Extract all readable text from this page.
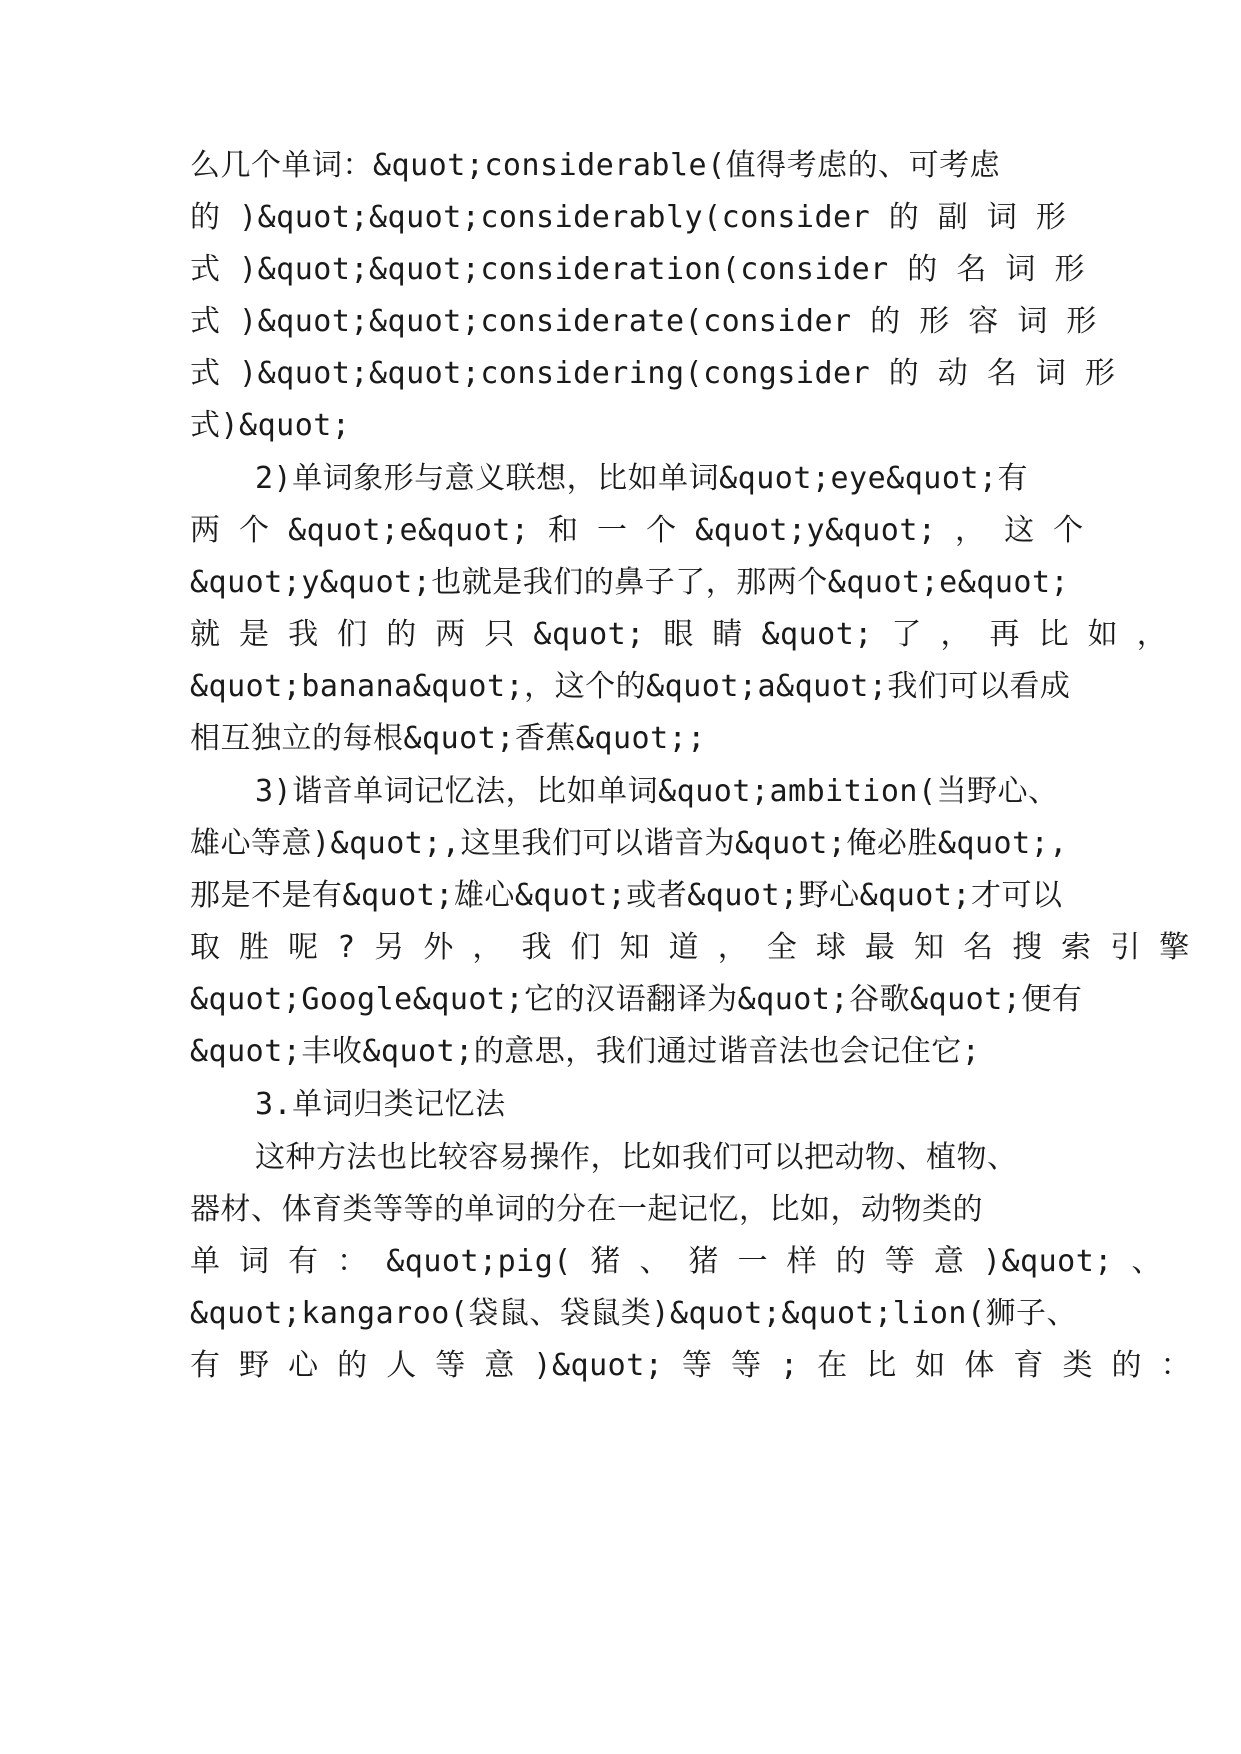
么几个单词：&quot;considerable(值得考虑的、可考虑
的 )&quot;&quot;considerably(consider 的 副 词 形
式 )&quot;&quot;consideration(consider 的 名 词 形
式 )&quot;&quot;considerate(consider 的 形 容 词 形
式 )&quot;&quot;considering(congsider 的 动 名 词 形
式)&quot;
2)单词象形与意义联想，比如单词&quot;eye&quot;有
两 个 &quot;e&quot; 和 一 个 &quot;y&quot; ， 这 个
&quot;y&quot;也就是我们的鼻子了，那两个&quot;e&quot;
就 是 我 们 的 两 只 &quot; 眼 睛 &quot; 了 ， 再 比 如 ，
&quot;banana&quot;，这个的&quot;a&quot;我们可以看成
相互独立的每根&quot;香蕉&quot;;
3)谐音单词记忆法，比如单词&quot;ambition(当野心、
雄心等意)&quot;,这里我们可以谐音为&quot;俺必胜&quot;,
那是不是有&quot;雄心&quot;或者&quot;野心&quot;才可以
取 胜 呢 ? 另 外 ， 我 们 知 道 ， 全 球 最 知 名 搜 索 引 擎
&quot;Google&quot;它的汉语翻译为&quot;谷歌&quot;便有
&quot;丰收&quot;的意思，我们通过谐音法也会记住它;
3.单词归类记忆法
这种方法也比较容易操作，比如我们可以把动物、植物、
器材、体育类等等的单词的分在一起记忆，比如，动物类的
单 词 有 ： &quot;pig( 猪 、 猪 一 样 的 等 意 )&quot; 、
&quot;kangaroo(袋鼠、袋鼠类)&quot;&quot;lion(狮子、
有 野 心 的 人 等 意 )&quot; 等 等 ; 在 比 如 体 育 类 的 ：
